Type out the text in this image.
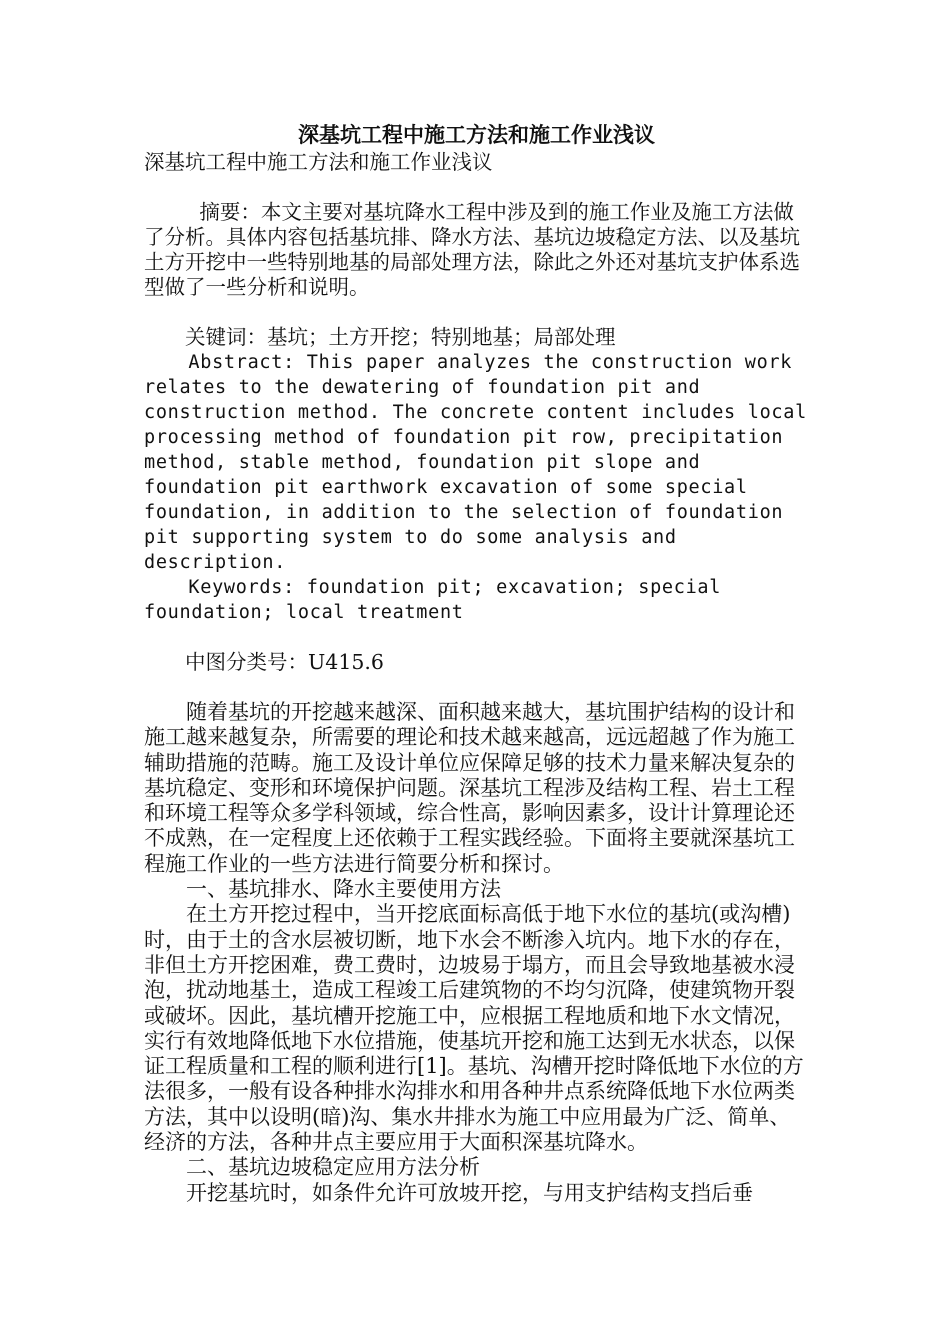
深基坑工程中施工方法和施工作业浅议

深基坑工程中施工方法和施工作业浅议

摘要：本文主要对基坑降水工程中涉及到的施工作业及施工方法做了分析。具体内容包括基坑排、降水方法、基坑边坡稳定方法、以及基坑土方开挖中一些特别地基的局部处理方法，除此之外还对基坑支护体系选型做了一些分析和说明。

关键词：基坑；土方开挖；特别地基；局部处理

Abstract: This paper analyzes the construction work relates to the dewatering of foundation pit and construction method. The concrete content includes local processing method of foundation pit row, precipitation method, stable method, foundation pit slope and foundation pit earthwork excavation of some special foundation, in addition to the selection of foundation pit supporting system to do some analysis and description.

Keywords: foundation pit; excavation; special foundation; local treatment

中图分类号：U415.6

随着基坑的开挖越来越深、面积越来越大，基坑围护结构的设计和施工越来越复杂，所需要的理论和技术越来越高，远远超越了作为施工辅助措施的范畴。施工及设计单位应保障足够的技术力量来解决复杂的基坑稳定、变形和环境保护问题。深基坑工程涉及结构工程、岩土工程和环境工程等众多学科领域，综合性高，影响因素多，设计计算理论还不成熟，在一定程度上还依赖于工程实践经验。下面将主要就深基坑工程施工作业的一些方法进行简要分析和探讨。

一、基坑排水、降水主要使用方法

在土方开挖过程中，当开挖底面标高低于地下水位的基坑(或沟槽)时，由于土的含水层被切断，地下水会不断渗入坑内。地下水的存在，非但土方开挖困难，费工费时，边坡易于塌方，而且会导致地基被水浸泡，扰动地基土，造成工程竣工后建筑物的不均匀沉降，使建筑物开裂或破坏。因此，基坑槽开挖施工中，应根据工程地质和地下水文情况，实行有效地降低地下水位措施，使基坑开挖和施工达到无水状态，以保证工程质量和工程的顺利进行[1]。基坑、沟槽开挖时降低地下水位的方法很多，一般有设各种排水沟排水和用各种井点系统降低地下水位两类方法，其中以设明(暗)沟、集水井排水为施工中应用最为广泛、简单、经济的方法，各种井点主要应用于大面积深基坑降水。

二、基坑边坡稳定应用方法分析

开挖基坑时，如条件允许可放坡开挖，与用支护结构支挡后垂
